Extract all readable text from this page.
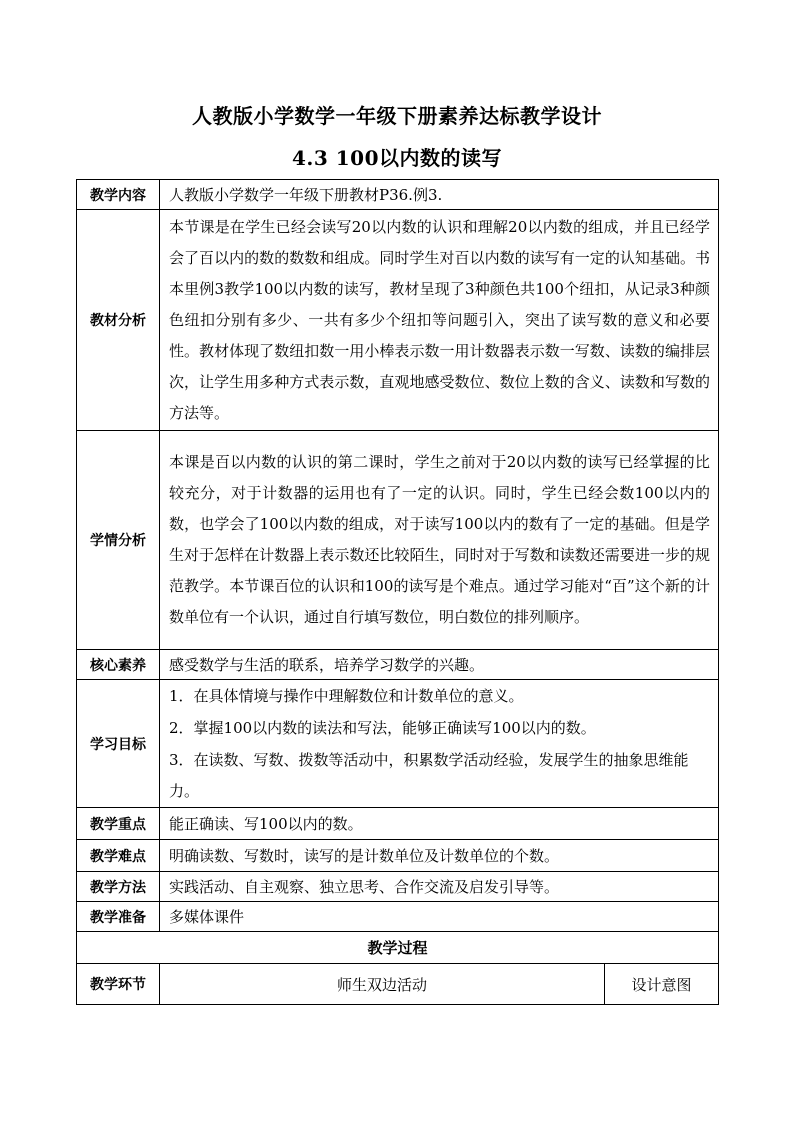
人教版小学数学一年级下册素养达标教学设计
4.3 100以内数的读写
教学内容	人教版小学数学一年级下册教材P36.例3.	

教材分析	本节课是在学生已经会读写20以内数的认识和理解20以内数的组成，并且已经学会了百以内的数的数数和组成。同时学生对百以内数的读写有一定的认知基础。书本里例3教学100以内数的读写，教材呈现了3种颜色共100个纽扣，从记录3种颜色纽扣分别有多少、一共有多少个纽扣等问题引入，突出了读写数的意义和必要性。教材体现了数纽扣数一用小棒表示数一用计数器表示数一写数、读数的编排层次，让学生用多种方式表示数，直观地感受数位、数位上数的含义、读数和写数的方法等。	

学情分析	本课是百以内数的认识的第二课时，学生之前对于20以内数的读写已经掌握的比较充分，对于计数器的运用也有了一定的认识。同时，学生已经会数100以内的数，也学会了100以内数的组成，对于读写100以内的数有了一定的基础。但是学生对于怎样在计数器上表示数还比较陌生，同时对于写数和读数还需要进一步的规范教学。本节课百位的认识和100的读写是个难点。通过学习能对“百”这个新的计数单位有一个认识，通过自行填写数位，明白数位的排列顺序。	

核心素养	感受数学与生活的联系，培养学习数学的兴趣。	

学习目标	1．在具体情境与操作中理解数位和计数单位的意义。
2．掌握100以内数的读法和写法，能够正确读写100以内的数。
3．在读数、写数、拨数等活动中，积累数学活动经验，发展学生的抽象思维能力。	

教学重点	能正确读、写100以内的数。	

教学难点	明确读数、写数时，读写的是计数单位及计数单位的个数。	

教学方法	实践活动、自主观察、独立思考、合作交流及启发引导等。	

教学准备	多媒体课件	

教学过程		
教学环节	师生双边活动	设计意图
